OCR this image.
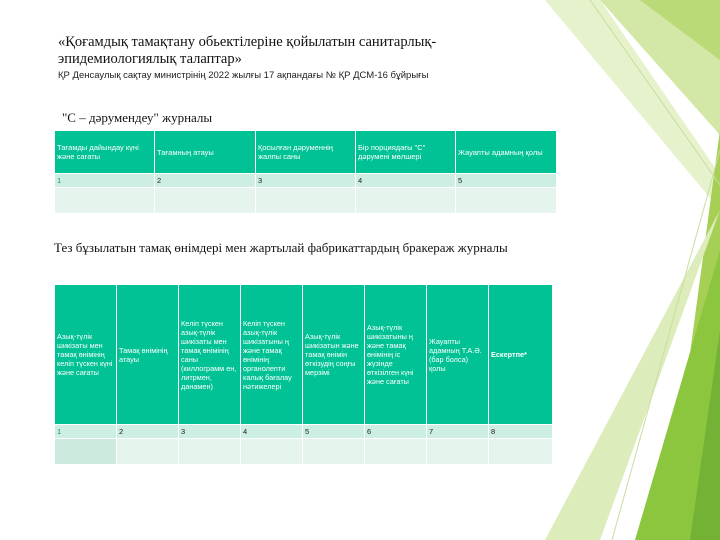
«Қоғамдық тамақтану обьектілеріне қойылатын санитарлық-эпидемиологиялық талаптар»
ҚР Денсаулық сақтау министрінің 2022 жылғы 17 ақпандағы № ҚР ДСМ-16 бұйрығы
"С – дәрумендеу" журналы
Тағамды дайындау күні және сағаты	Тағамның атауы	Қосылған дәруменнің жалпы саны	Бір порциядағы "С" дәрумені мөлшері	Жауапты адамның қолы
1	2	3	4	5

Тез бұзылатын тамақ өнімдері мен жартылай фабрикаттардың бракераж журналы
Азық-түлік шикізаты мен тамақ өнімінің келіп түскен күні және сағаты	Тамақ өнімінің атауы	Келіп түскен азық-түлік шикізаты мен тамақ өнімінің саны (киллограмм ен, литрмен, данамен)	Келіп түскен азық-түлік шикізатыны ң және тамақ өнімінің органолепти калық бағалау нәтижелері	Азық-түлік шикізатын және тамақ өнімін өткізудің соңғы мерзімі	Азық-түлік шикізатыны ң және тамақ өнімінің іс жүзінде өткізілген күні және сағаты	Жауапты адамның Т.А.Ә. (бар болса) қолы	Ескертпе*
1	2	3	4	5	6	7	8
